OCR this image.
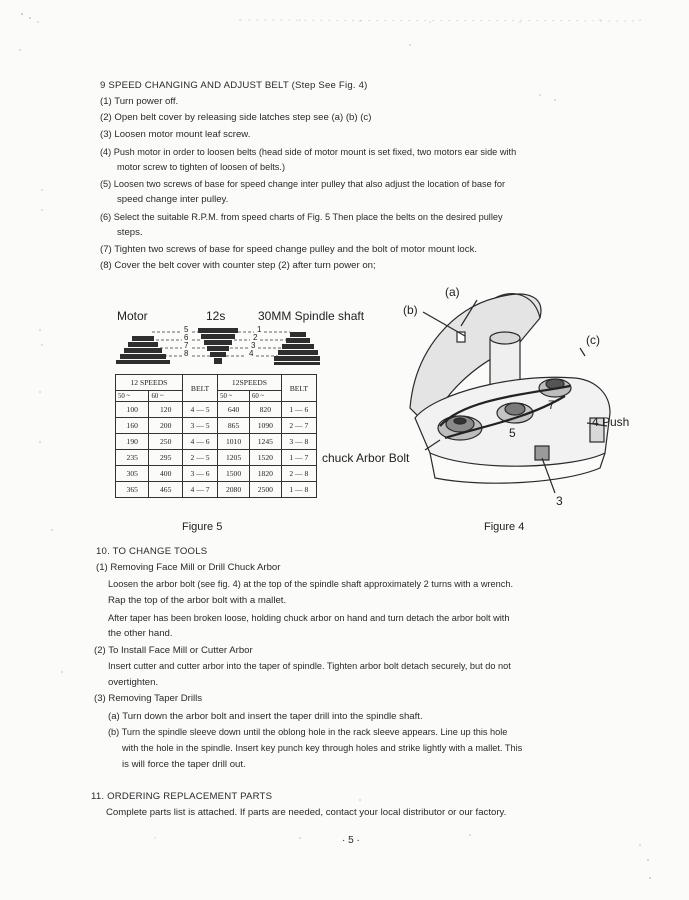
9 SPEED CHANGING AND ADJUST BELT (Step See Fig. 4)
(1) Turn power off.
(2) Open belt cover by releasing side latches step see (a) (b) (c)
(3) Loosen motor mount leaf screw.
(4) Push motor in order to loosen belts (head side of motor mount is set fixed, two motors ear side with
motor screw to tighten of loosen of belts.)
(5) Loosen two screws of base for speed change inter pulley that also adjust the location of base for
speed change inter pulley.
(6) Select the suitable R.P.M. from speed charts of Fig. 5 Then place the belts on the desired pulley
steps.
(7) Tighten two screws of base for speed change pulley and the bolt of motor mount lock.
(8) Cover the belt cover with counter step (2) after turn power on;
Motor	12s	30MM Spindle shaft
5
6
7
8
1
2
3
4
12 SPEEDS		BELT	12SPEEDS		BELT
50 ~	60 ~		50 ~	60 ~	
100	120	4 — 5	640	820	1 — 6
160	200	3 — 5	865	1090	2 — 7
190	250	4 — 6	1010	1245	3 — 8
235	295	2 — 5	1205	1520	1 — 7
305	400	3 — 6	1500	1820	2 — 8
365	465	4 — 7	2080	2500	1 — 8
Figure 5
(a)
(b)
(c)
4 Push
chuck Arbor Bolt
3
5
7
Figure 4
10. TO CHANGE TOOLS
(1) Removing Face Mill or Drill Chuck Arbor
Loosen the arbor bolt (see fig. 4) at the top of the spindle shaft approximately 2 turns with a wrench.
Rap the top of the arbor bolt with a mallet.
After taper has been broken loose, holding chuck arbor on hand and turn detach the arbor bolt with
the other hand.
(2) To Install Face Mill or Cutter Arbor
Insert cutter and cutter arbor into the taper of spindle. Tighten arbor bolt detach securely, but do not
overtighten.
(3) Removing Taper Drills
(a) Turn down the arbor bolt and insert the taper drill into the spindle shaft.
(b) Turn the spindle sleeve down until the oblong hole in the rack sleeve appears. Line up this hole
with the hole in the spindle. Insert key punch key through holes and strike lightly with a mallet. This
is will force the taper drill out.
11. ORDERING REPLACEMENT PARTS
Complete parts list is attached. If parts are needed, contact your local distributor or our factory.
· 5 ·
